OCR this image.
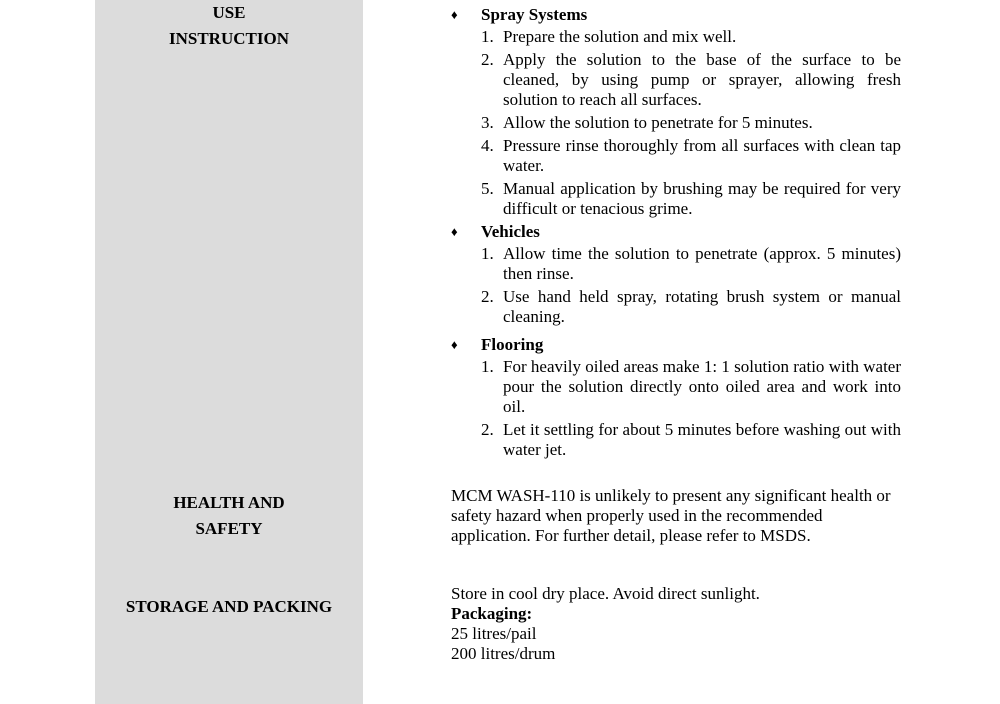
USE
INSTRUCTION
HEALTH AND
SAFETY
STORAGE AND PACKING
♦ Spray Systems
1. Prepare the solution and mix well.
2. Apply the solution to the base of the surface to be cleaned, by using pump or sprayer, allowing fresh solution to reach all surfaces.
3. Allow the solution to penetrate for 5 minutes.
4. Pressure rinse thoroughly from all surfaces with clean tap water.
5. Manual application by brushing may be required for very difficult or tenacious grime.
♦ Vehicles
1. Allow time the solution to penetrate (approx. 5 minutes) then rinse.
2. Use hand held spray, rotating brush system or manual cleaning.
♦ Flooring
1. For heavily oiled areas make 1: 1 solution ratio with water pour the solution directly onto oiled area and work into oil.
2. Let it settling for about 5 minutes before washing out with water jet.
MCM WASH-110 is unlikely to present any significant health or safety hazard when properly used in the recommended application. For further detail, please refer to MSDS.
Store in cool dry place. Avoid direct sunlight.
Packaging:
25 litres/pail
200 litres/drum
